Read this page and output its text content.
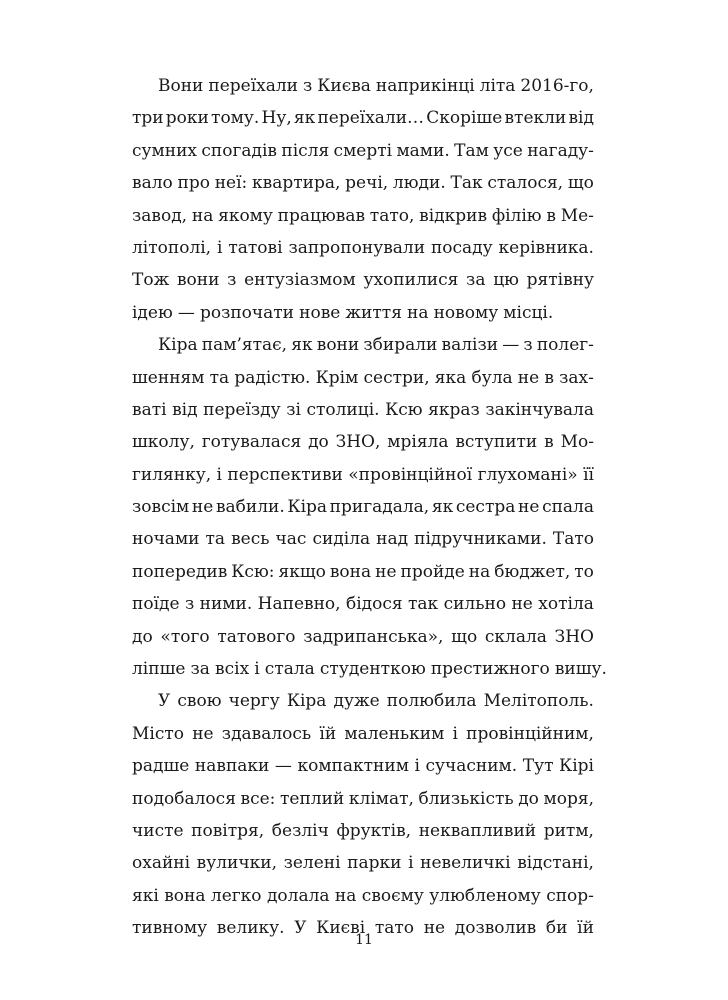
Вони переїхали з Києва наприкінці літа 2016-го,
три роки тому. Ну, як переїхали… Скоріше втекли від
сумних спогадів після смерті мами. Там усе нагаду-
вало про неї: квартира, речі, люди. Так сталося, що
завод, на якому працював тато, відкрив філію в Ме-
літополі, і татові запропонували посаду керівника.
Тож вони з ентузіазмом ухопилися за цю рятівну
ідею — розпочати нове життя на новому місці.
Кіра пам’ятає, як вони збирали валізи — з полег-
шенням та радістю. Крім сестри, яка була не в зах-
ваті від переїзду зі столиці. Ксю якраз закінчувала
школу, готувалася до ЗНО, мріяла вступити в Мо-
гилянку, і перспективи «провінційної глухомані» її
зовсім не вабили. Кіра пригадала, як сестра не спала
ночами та весь час сиділа над підручниками. Тато
попередив Ксю: якщо вона не пройде на бюджет, то
поїде з ними. Напевно, бідося так сильно не хотіла
до «того татового задрипанська», що склала ЗНО
ліпше за всіх і стала студенткою престижного вишу.
У свою чергу Кіра дуже полюбила Мелітополь.
Місто не здавалось їй маленьким і провінційним,
радше навпаки — компактним і сучасним. Тут Кірі
подобалося все: теплий клімат, близькість до моря,
чисте повітря, безліч фруктів, неквапливий ритм,
охайні вулички, зелені парки і невеличкі відстані,
які вона легко долала на своєму улюбленому спор-
тивному велику. У Києві тато не дозволив би їй
11
